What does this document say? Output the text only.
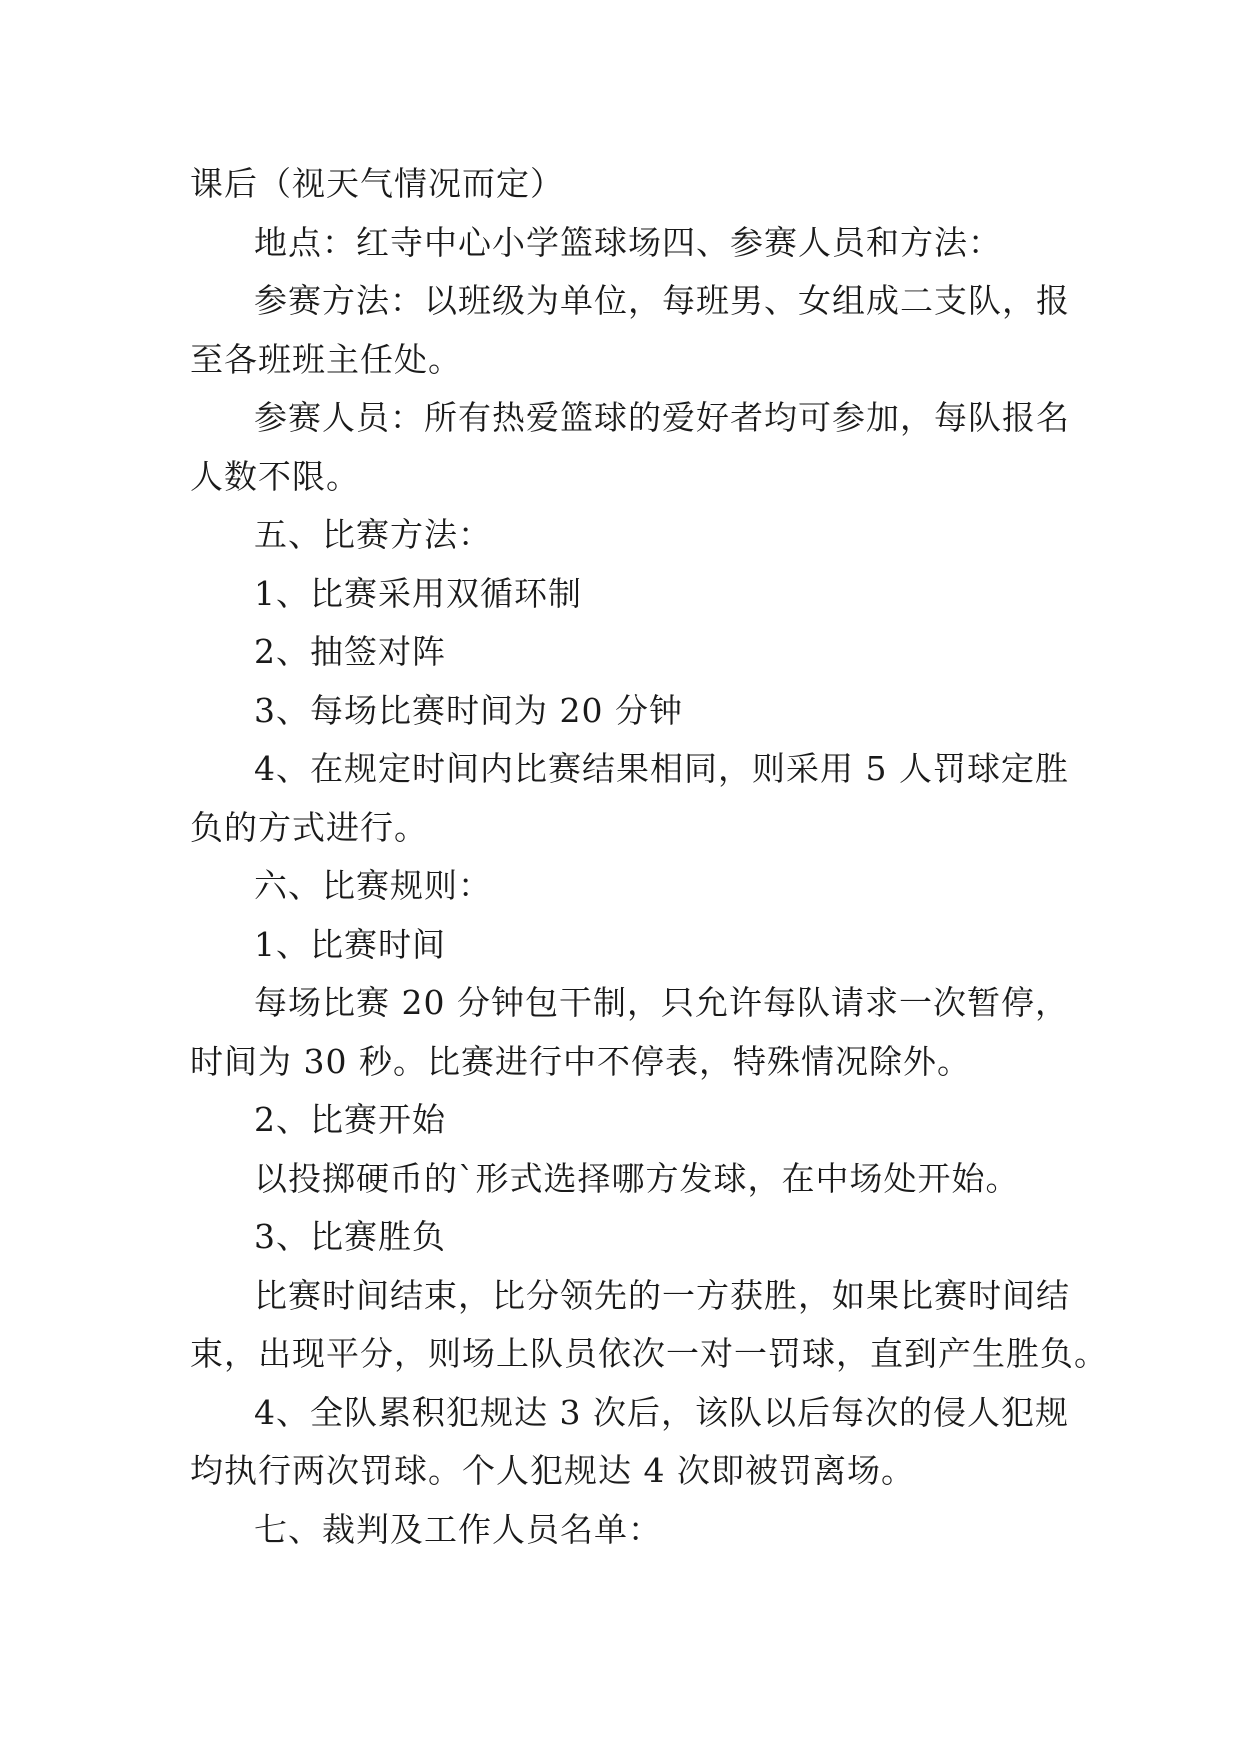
课后（视天气情况而定）
地点：红寺中心小学篮球场四、参赛人员和方法：
参赛方法：以班级为单位，每班男、女组成二支队，报
至各班班主任处。
参赛人员：所有热爱篮球的爱好者均可参加，每队报名
人数不限。
五、比赛方法：
1、比赛采用双循环制
2、抽签对阵
3、每场比赛时间为 20 分钟
4、在规定时间内比赛结果相同，则采用 5 人罚球定胜
负的方式进行。
六、比赛规则：
1、比赛时间
每场比赛 20 分钟包干制，只允许每队请求一次暂停，
时间为 30 秒。比赛进行中不停表，特殊情况除外。
2、比赛开始
以投掷硬币的`形式选择哪方发球，在中场处开始。
3、比赛胜负
比赛时间结束，比分领先的一方获胜，如果比赛时间结
束，出现平分，则场上队员依次一对一罚球，直到产生胜负。
4、全队累积犯规达 3 次后，该队以后每次的侵人犯规
均执行两次罚球。个人犯规达 4 次即被罚离场。
七、裁判及工作人员名单：
